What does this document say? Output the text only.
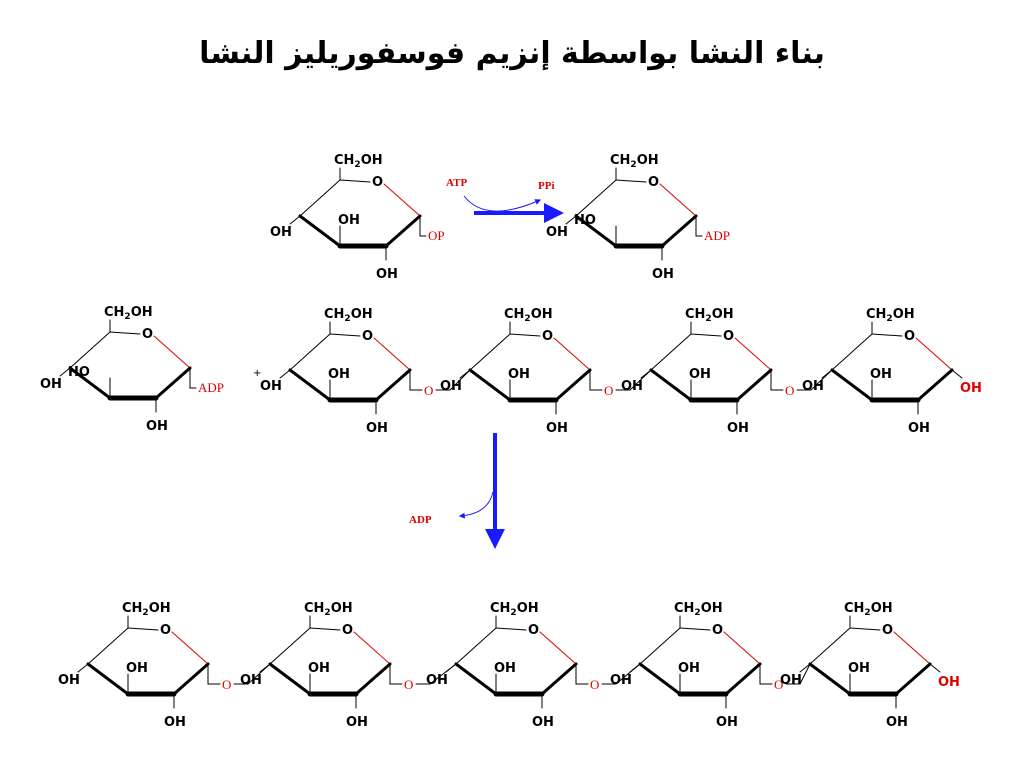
بناء النشا بواسطة إنزيم فوسفوريليز النشا
$CH_2OH$
O
OH
OH
OH
OP
$CH_2OH$
O
OH
HO
OH
ADP
$CH_2OH$
O
OH
HO
OH
ADP
$CH_2OH$
O
OH
OH
OH
O
$CH_2OH$
O
OH
OH
OH
O
$CH_2OH$
O
OH
OH
OH
O
$CH_2OH$
O
OH
OH
OH
OH
$CH_2OH$
O
OH
OH
OH
O
$CH_2OH$
O
OH
OH
OH
O
$CH_2OH$
O
OH
OH
OH
O
$CH_2OH$
O
OH
OH
OH
O
$CH_2OH$
O
OH
OH
OH
OH
ATP	PPi
+
ADP
